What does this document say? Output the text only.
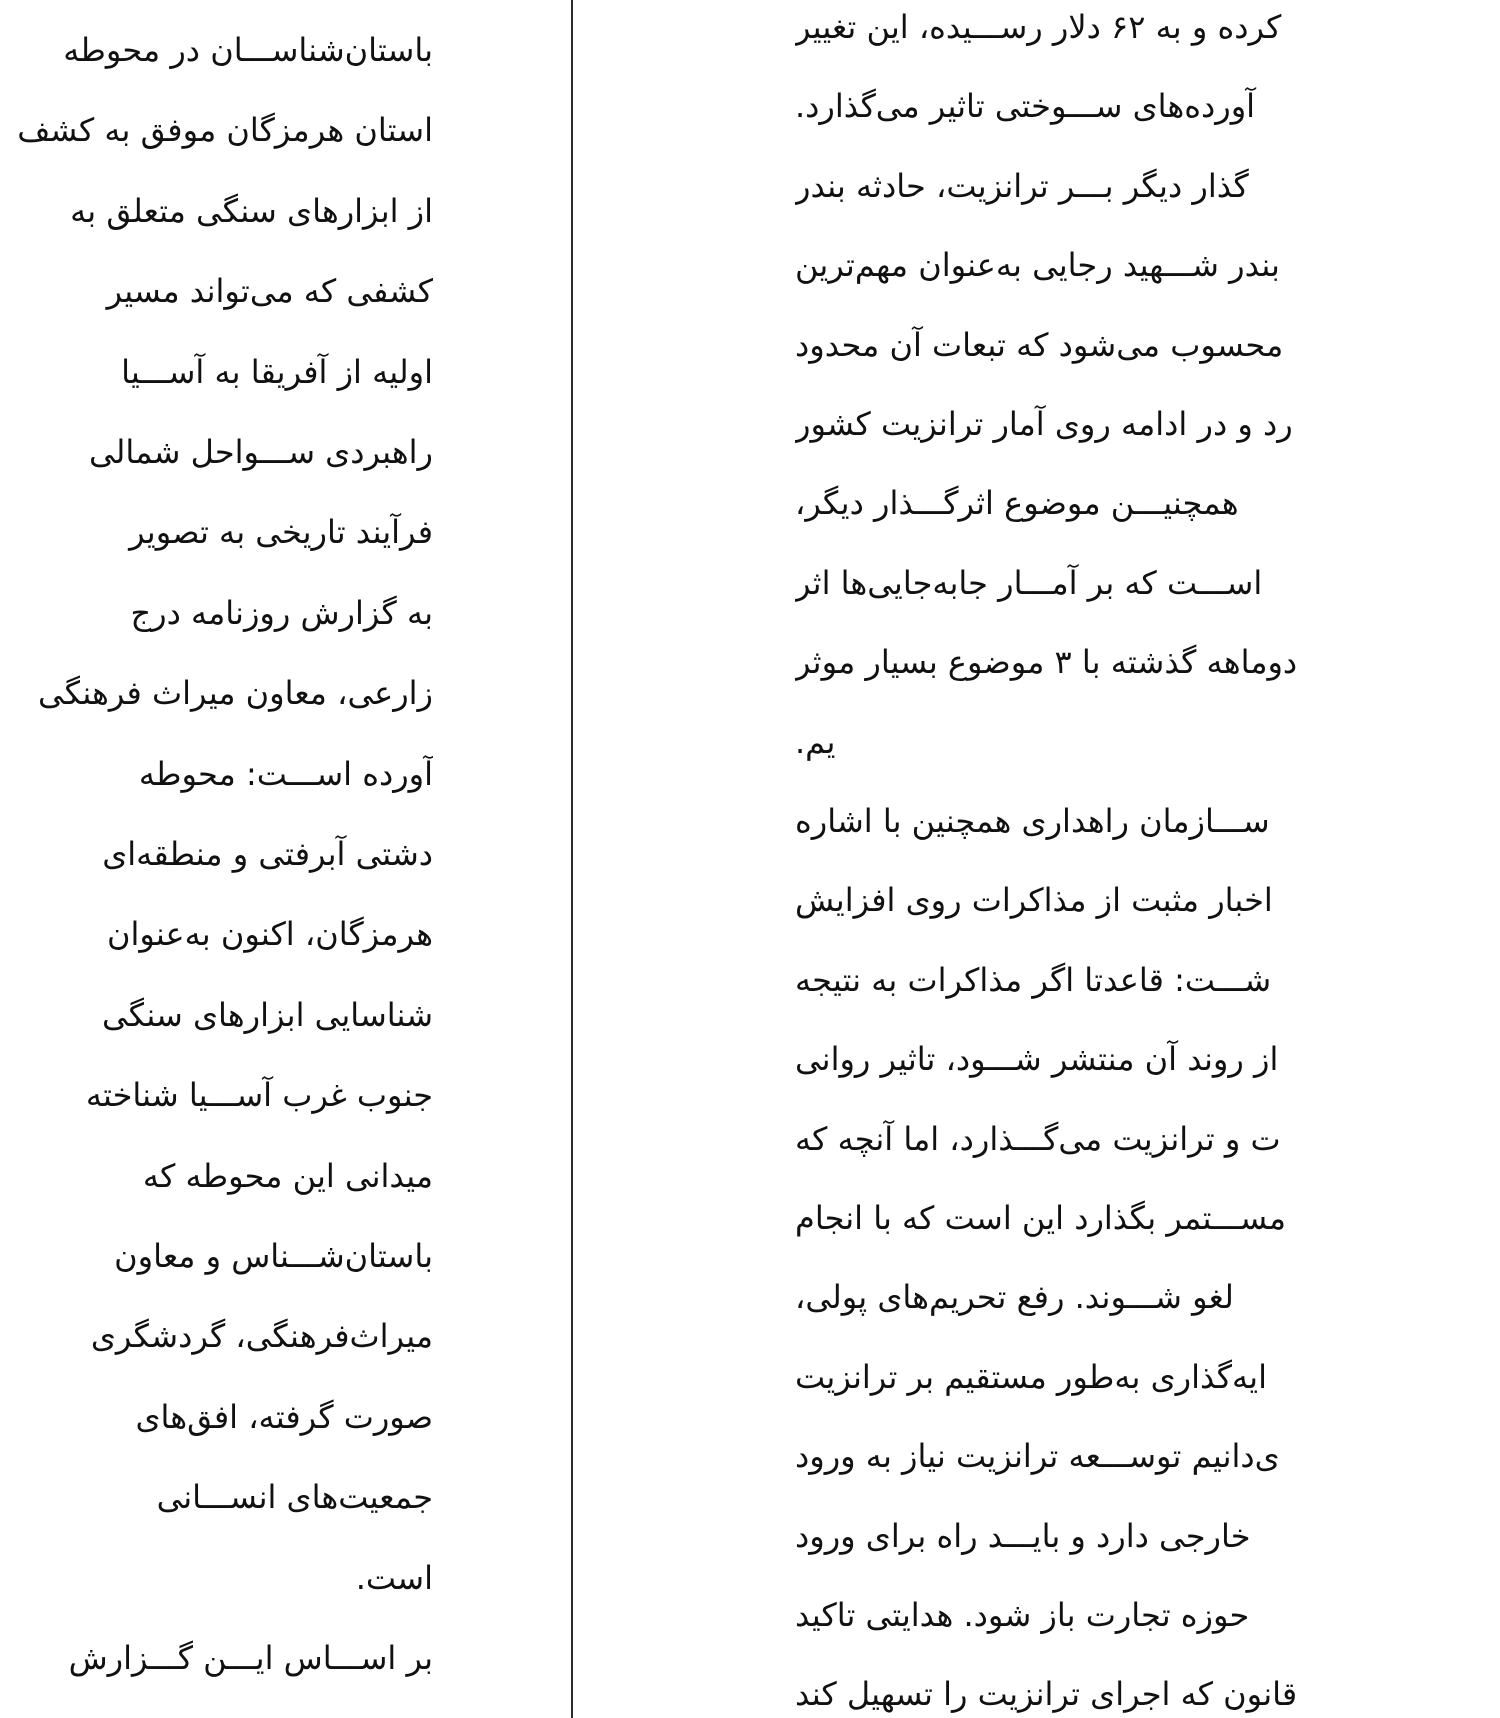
باستان‌شناســـان در محوطه
استان هرمزگان موفق به کشف
از ابزارهای سنگی متعلق به
کشفی که می‌تواند مسیر
اولیه از آفریقا به آســـیا
راهبردی ســـواحل شمالی
فرآیند تاریخی به تصویر
به گزارش روزنامه درج
زارعی، معاون میراث فرهنگی
آورده اســـت: محوطه
دشتی آبرفتی و منطقه‌ای
هرمزگان، اکنون به‌عنوان
شناسایی ابزارهای سنگی
جنوب غرب آســـیا شناخته
میدانی این محوطه که
باستان‌شـــناس و معاون
میراث‌فرهنگی، گردشگری
صورت گرفته، افق‌های
جمعیت‌های انســـانی
است.
بر اســـاس ایـــن گـــزارش
کرده و به ۶۲ دلار رســـیده، این تغییر
آورده‌های ســـوختی تاثیر می‌گذارد.
گذار دیگر بـــر ترانزیت، حادثه بندر
بندر شـــهید رجایی به‌عنوان مهم‌ترین
محسوب می‌شود که تبعات آن محدود
رد و در ادامه روی آمار ترانزیت کشور
همچنیـــن موضوع اثرگـــذار دیگر،
اســـت که بر آمـــار جابه‌جایی‌ها اثر
دوماهه گذشته با ۳ موضوع بسیار موثر
یم.
ســـازمان راهداری همچنین با اشاره
اخبار مثبت از مذاکرات روی افزایش
شـــت: قاعدتا اگر مذاکرات به نتیجه
از روند آن منتشر شـــود، تاثیر روانی
ت و ترانزیت می‌گـــذارد، اما آنچه که
مســـتمر بگذارد این است که با انجام
لغو شـــوند. رفع تحریم‌های پولی،
ایه‌گذاری به‌طور مستقیم بر ترانزیت
ی‌دانیم توســـعه ترانزیت نیاز به ورود
خارجی دارد و بایـــد راه برای ورود
حوزه تجارت باز شود. هدایتی تاکید
قانون که اجرای ترانزیت را تسهیل کند
